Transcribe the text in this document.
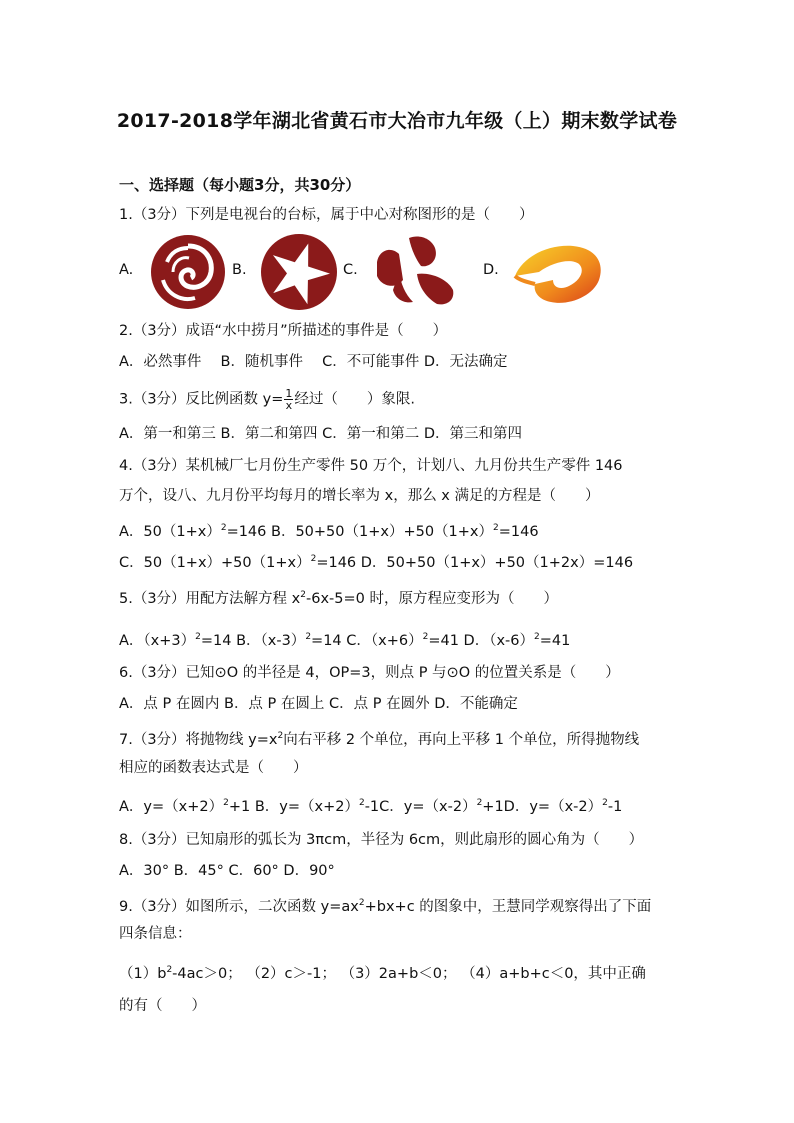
2017-2018学年湖北省黄石市大冶市九年级（上）期末数学试卷
一、选择题（每小题3分，共30分）
1.（3分）下列是电视台的台标，属于中心对称图形的是（　　）
A.	B.	C.	D.
2.（3分）成语“水中捞月”所描述的事件是（　　）
A．必然事件　 B．随机事件　 C．不可能事件 D．无法确定
3.（3分）反比例函数 $y= \frac{1}{x}$ 经过（　　）象限.
A．第一和第三 B．第二和第四 C．第一和第二 D．第三和第四
4.（3分）某机械厂七月份生产零件 50 万个，计划八、九月份共生产零件 146
万个，设八、九月份平均每月的增长率为 x，那么 x 满足的方程是（　　）
A．$50(1+x)^2=146$ B．$50+50(1+x)+50(1+x)^2=146$
C．$50(1+x)+50(1+x)^2=146$ D．50+50（1+x）+50（1+2x）=146
5.（3分）用配方法解方程 $x^2-6x-5=0$ 时，原方程应变形为（　　）
A．$(x+3)^2=14$ B．$(x-3)^2=14$ C．$(x+6)^2=41$ D．$(x-6)^2=41$
6.（3分）已知⊙O 的半径是 4，OP=3，则点 P 与⊙O 的位置关系是（　　）
A．点 P 在圆内 B．点 P 在圆上 C．点 P 在圆外 D．不能确定
7.（3分）将抛物线 $y=x^2$向右平移 2 个单位，再向上平移 1 个单位，所得抛物线
相应的函数表达式是（　　）
A．$y=(x+2)^2+1$ B．$y=(x+2)^2-1C$．$y=(x-2)^2+1D$．$y=(x-2)^2-1$
8.（3分）已知扇形的弧长为 3πcm，半径为 6cm，则此扇形的圆心角为（　　）
A．30° B．45° C．60° D．90°
9.（3分）如图所示，二次函数 $y=ax^2+bx+c$ 的图象中，王慧同学观察得出了下面
四条信息：
$(1)b^2-4ac>0$； （2）c＞-1； （3）2a+b＜0； （4）a+b+c＜0，其中正确
的有（　　）
